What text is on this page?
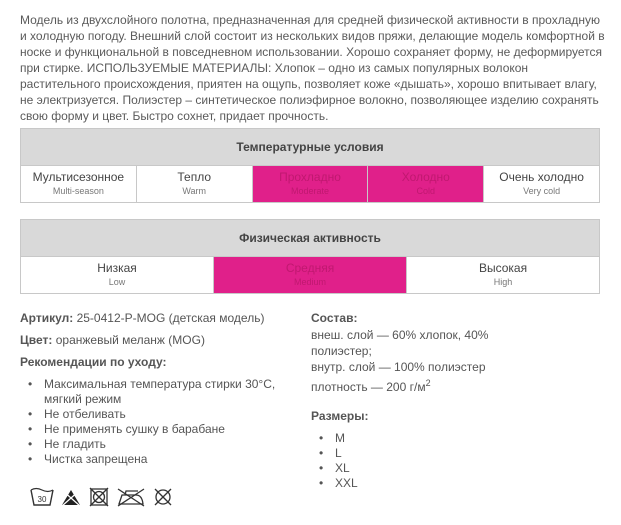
Модель из двухслойного полотна, предназначенная для средней физической активности в прохладную и холодную погоду. Внешний слой состоит из нескольких видов пряжи, делающие модель комфортной в носке и функциональной в повседневном использовании. Хорошо сохраняет форму, не деформируется при стирке. ИСПОЛЬЗУЕМЫЕ МАТЕРИАЛЫ: Хлопок – одно из самых популярных волокон растительного происхождения, приятен на ощупь, позволяет коже «дышать», хорошо впитывает влагу, не электризуется. Полиэстер – синтетическое полиэфирное волокно, позволяющее изделию сохранять свою форму и цвет. Быстро сохнет, придает прочность.
Температурные условия
Мультисезонное
Multi-season
Тепло
Warm
Прохладно
Moderate
Холодно
Cold
Очень холодно
Very cold
Физическая активность
Низкая
Low
Средняя
Medium
Высокая
High
Артикул: 25-0412-P-MOG (детская модель)
Цвет: оранжевый меланж (MOG)
Рекомендации по уходу:
• Максимальная температура стирки 30°C, мягкий режим
• Не отбеливать
• Не применять сушку в барабане
• Не гладить
• Чистка запрещена
Состав:
внеш. слой — 60% хлопок, 40% полиэстер;
внутр. слой — 100% полиэстер
плотность — 200 $г/м^2$
Размеры:
• M
• L
• XL
• XXL
30
